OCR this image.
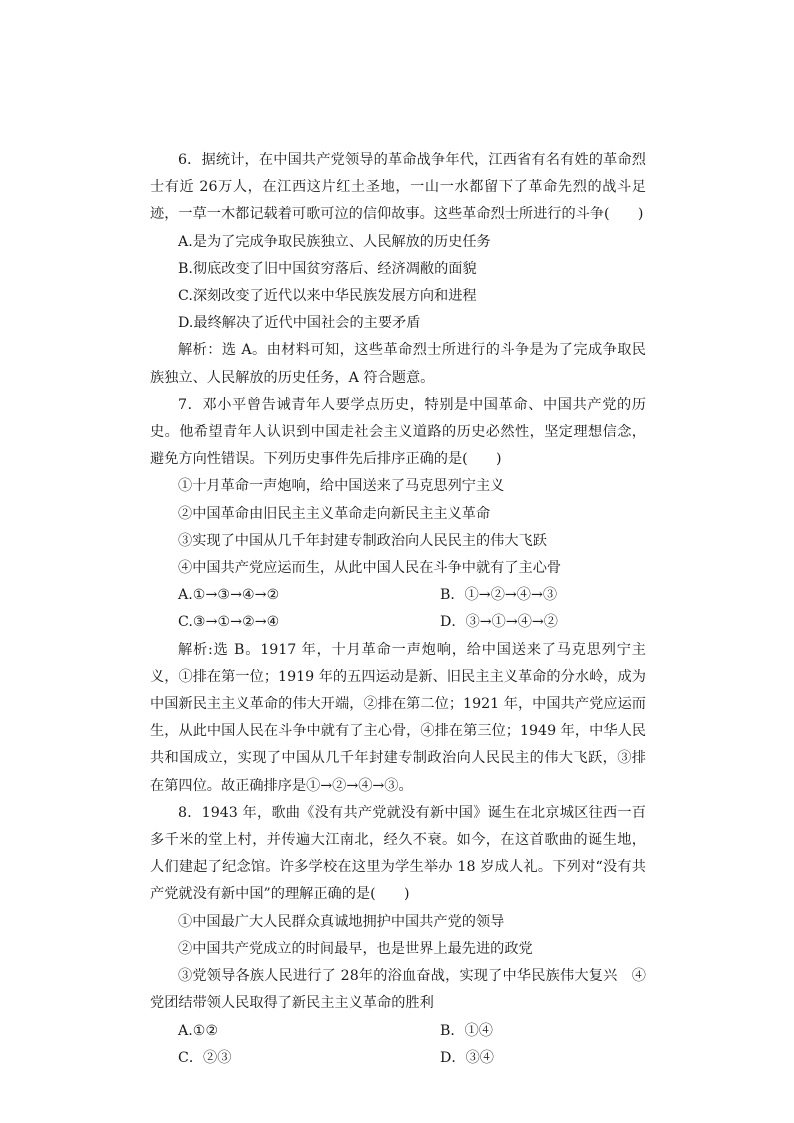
6．据统计，在中国共产党领导的革命战争年代，江西省有名有姓的革命烈士有近 26万人，在江西这片红土圣地，一山一水都留下了革命先烈的战斗足迹，一草一木都记载着可歌可泣的信仰故事。这些革命烈士所进行的斗争(　　)

A.是为了完成争取民族独立、人民解放的历史任务

B.彻底改变了旧中国贫穷落后、经济凋敝的面貌

C.深刻改变了近代以来中华民族发展方向和进程

D.最终解决了近代中国社会的主要矛盾

解析：选 A。由材料可知，这些革命烈士所进行的斗争是为了完成争取民族独立、人民解放的历史任务，A 符合题意。

7．邓小平曾告诫青年人要学点历史，特别是中国革命、中国共产党的历史。他希望青年人认识到中国走社会主义道路的历史必然性，坚定理想信念，避免方向性错误。下列历史事件先后排序正确的是(　　)

①十月革命一声炮响，给中国送来了马克思列宁主义

②中国革命由旧民主主义革命走向新民主主义革命

③实现了中国从几千年封建专制政治向人民民主的伟大飞跃

④中国共产党应运而生，从此中国人民在斗争中就有了主心骨

A.①→③→④→②	B．①→②→④→③
C.③→①→②→④	D．③→①→④→②

解析:选 B。1917 年，十月革命一声炮响，给中国送来了马克思列宁主义，①排在第一位；1919 年的五四运动是新、旧民主主义革命的分水岭，成为中国新民主主义革命的伟大开端，②排在第二位；1921 年，中国共产党应运而生，从此中国人民在斗争中就有了主心骨，④排在第三位；1949 年，中华人民共和国成立，实现了中国从几千年封建专制政治向人民民主的伟大飞跃，③排在第四位。故正确排序是①→②→④→③。

8．1943 年，歌曲《没有共产党就没有新中国》诞生在北京城区往西一百多千米的堂上村，并传遍大江南北，经久不衰。如今，在这首歌曲的诞生地，人们建起了纪念馆。许多学校在这里为学生举办 18 岁成人礼。下列对“没有共产党就没有新中国”的理解正确的是(　　)

①中国最广大人民群众真诚地拥护中国共产党的领导

②中国共产党成立的时间最早，也是世界上最先进的政党

③党领导各族人民进行了 28年的浴血奋战，实现了中华民族伟大复兴　④党团结带领人民取得了新民主主义革命的胜利

A.①②	B．①④
C．②③	D．③④
